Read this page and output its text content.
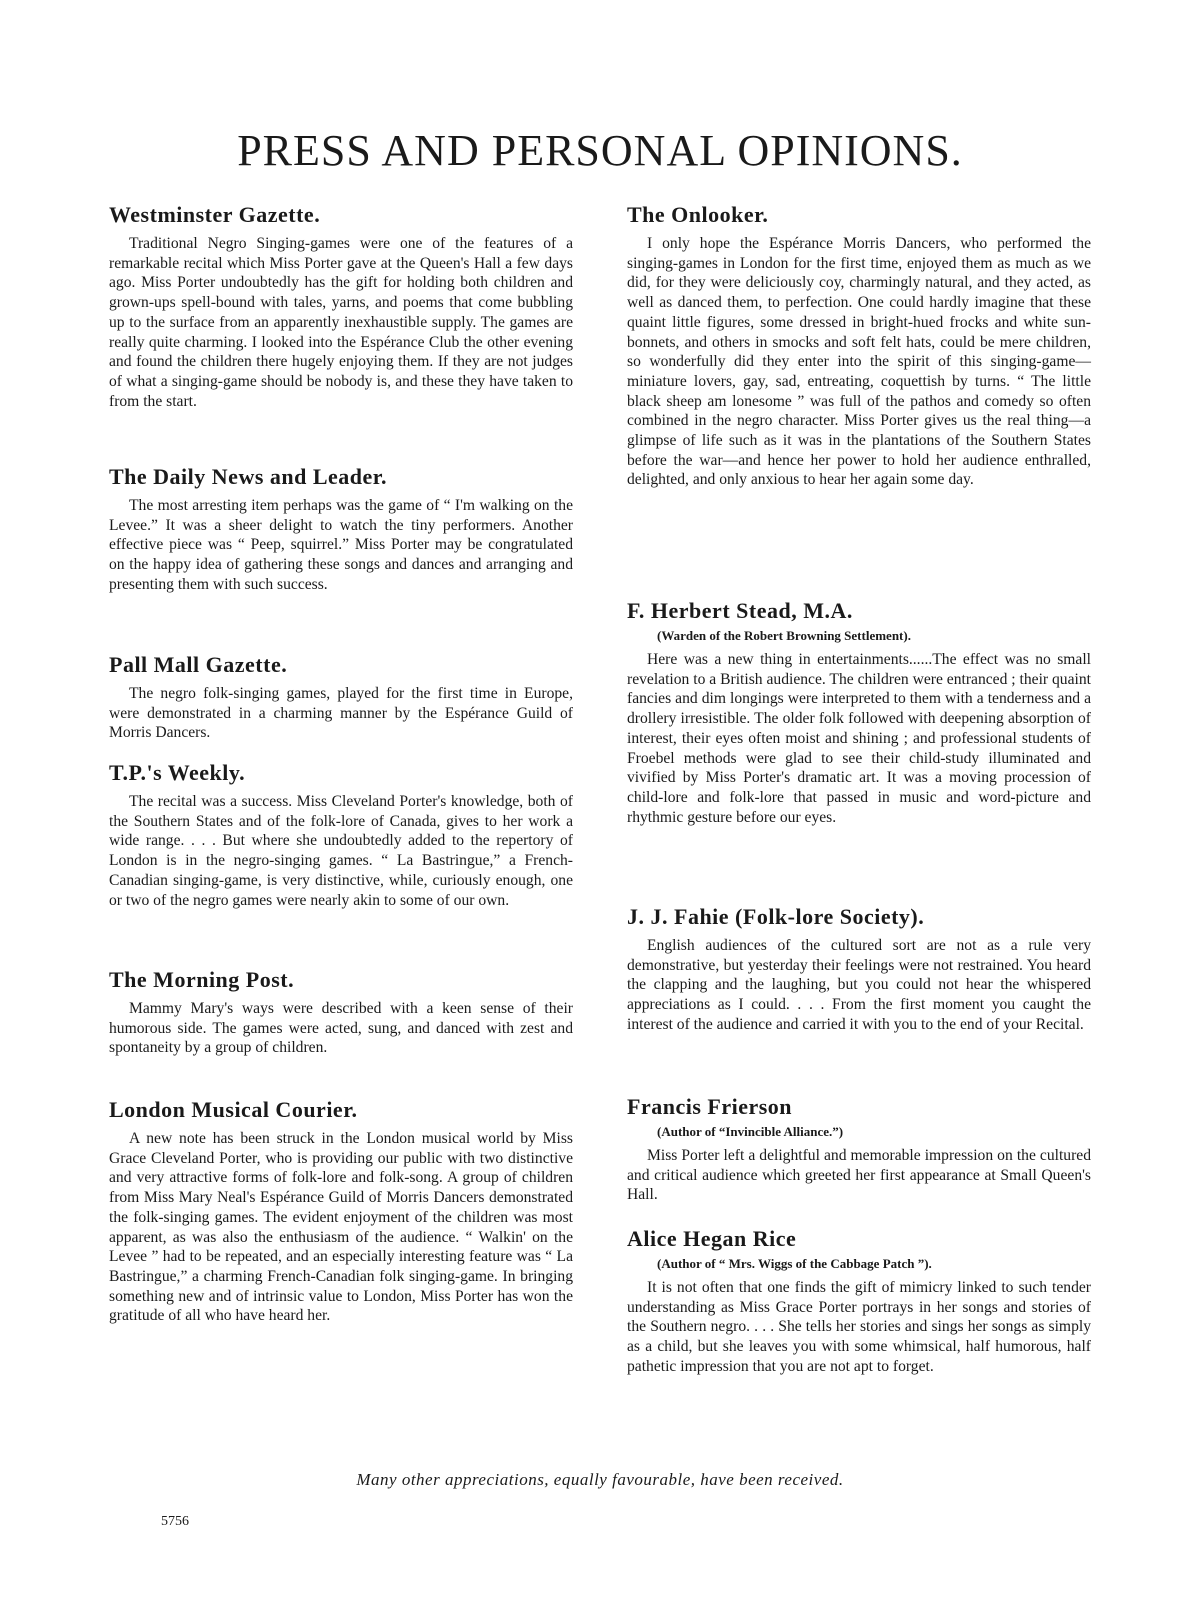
PRESS AND PERSONAL OPINIONS.
Westminster Gazette.

Traditional Negro Singing-games were one of the features of a remarkable recital which Miss Porter gave at the Queen's Hall a few days ago. Miss Porter undoubtedly has the gift for holding both children and grown-ups spell-bound with tales, yarns, and poems that come bubbling up to the surface from an apparently inexhaustible supply. The games are really quite charming. I looked into the Espérance Club the other evening and found the children there hugely enjoying them. If they are not judges of what a singing-game should be nobody is, and these they have taken to from the start.

The Daily News and Leader.

The most arresting item perhaps was the game of “ I'm walking on the Levee.” It was a sheer delight to watch the tiny performers. Another effective piece was “ Peep, squirrel.” Miss Porter may be congratulated on the happy idea of gathering these songs and dances and arranging and presenting them with such success.

Pall Mall Gazette.

The negro folk-singing games, played for the first time in Europe, were demonstrated in a charming manner by the Espérance Guild of Morris Dancers.

T.P.'s Weekly.

The recital was a success. Miss Cleveland Porter's knowledge, both of the Southern States and of the folk-lore of Canada, gives to her work a wide range. . . . But where she undoubtedly added to the repertory of London is in the negro-singing games. “ La Bastringue,” a French-Canadian singing-game, is very distinctive, while, curiously enough, one or two of the negro games were nearly akin to some of our own.

The Morning Post.

Mammy Mary's ways were described with a keen sense of their humorous side. The games were acted, sung, and danced with zest and spontaneity by a group of children.

London Musical Courier.

A new note has been struck in the London musical world by Miss Grace Cleveland Porter, who is providing our public with two distinctive and very attractive forms of folk-lore and folk-song. A group of children from Miss Mary Neal's Espérance Guild of Morris Dancers demonstrated the folk-singing games. The evident enjoyment of the children was most apparent, as was also the enthusiasm of the audience. “ Walkin' on the Levee ” had to be repeated, and an especially interesting feature was “ La Bastringue,” a charming French-Canadian folk singing-game. In bringing something new and of intrinsic value to London, Miss Porter has won the gratitude of all who have heard her.

The Onlooker.

I only hope the Espérance Morris Dancers, who performed the singing-games in London for the first time, enjoyed them as much as we did, for they were deliciously coy, charmingly natural, and they acted, as well as danced them, to perfection. One could hardly imagine that these quaint little figures, some dressed in bright-hued frocks and white sun-bonnets, and others in smocks and soft felt hats, could be mere children, so wonderfully did they enter into the spirit of this singing-game—miniature lovers, gay, sad, entreating, coquettish by turns. “ The little black sheep am lonesome ” was full of the pathos and comedy so often combined in the negro character. Miss Porter gives us the real thing—a glimpse of life such as it was in the plantations of the Southern States before the war—and hence her power to hold her audience enthralled, delighted, and only anxious to hear her again some day.

F. Herbert Stead, M.A.

(Warden of the Robert Browning Settlement).

Here was a new thing in entertainments......The effect was no small revelation to a British audience. The children were entranced ; their quaint fancies and dim longings were interpreted to them with a tenderness and a drollery irresistible. The older folk followed with deepening absorption of interest, their eyes often moist and shining ; and professional students of Froebel methods were glad to see their child-study illuminated and vivified by Miss Porter's dramatic art. It was a moving procession of child-lore and folk-lore that passed in music and word-picture and rhythmic gesture before our eyes.

J. J. Fahie (Folk-lore Society).

English audiences of the cultured sort are not as a rule very demonstrative, but yesterday their feelings were not restrained. You heard the clapping and the laughing, but you could not hear the whispered appreciations as I could. . . . From the first moment you caught the interest of the audience and carried it with you to the end of your Recital.

Francis Frierson

(Author of “Invincible Alliance.”)

Miss Porter left a delightful and memorable impression on the cultured and critical audience which greeted her first appearance at Small Queen's Hall.

Alice Hegan Rice

(Author of “ Mrs. Wiggs of the Cabbage Patch ”).

It is not often that one finds the gift of mimicry linked to such tender understanding as Miss Grace Porter portrays in her songs and stories of the Southern negro. . . . She tells her stories and sings her songs as simply as a child, but she leaves you with some whimsical, half humorous, half pathetic impression that you are not apt to forget.

Many other appreciations, equally favourable, have been received.
5756
